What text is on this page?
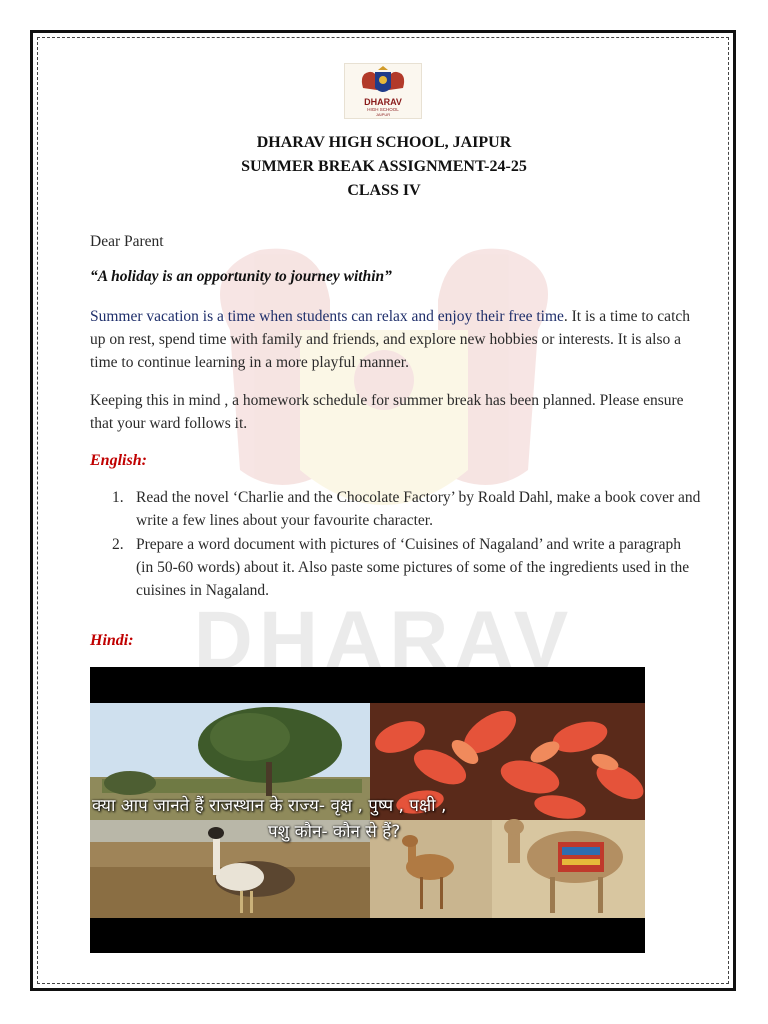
DHARAV
DHARAV
HIGH SCHOOL
JAIPUR
DHARAV HIGH SCHOOL, JAIPUR
SUMMER BREAK ASSIGNMENT-24-25
CLASS IV
Dear Parent
“A holiday is an opportunity to journey within”
Summer vacation is a time when students can relax and enjoy their free time. It is a time to catch up on rest, spend time with family and friends, and explore new hobbies or interests. It is also a time to continue learning in a more playful manner.
Keeping this in mind , a homework schedule for summer break has been planned. Please ensure that your ward follows it.
English:
1. Read the novel ‘Charlie and the Chocolate Factory’ by Roald Dahl, make a book cover and write a few lines about your favourite character.
2. Prepare a word document with pictures of ‘Cuisines of Nagaland’ and write a paragraph (in 50-60 words) about it. Also paste some pictures of some of the ingredients used in the cuisines in Nagaland.
Hindi:
क्या आप जानते हैं राजस्थान के राज्य- वृक्ष , पुष्प , पक्षी ,
पशु कौन- कौन से हैं?
